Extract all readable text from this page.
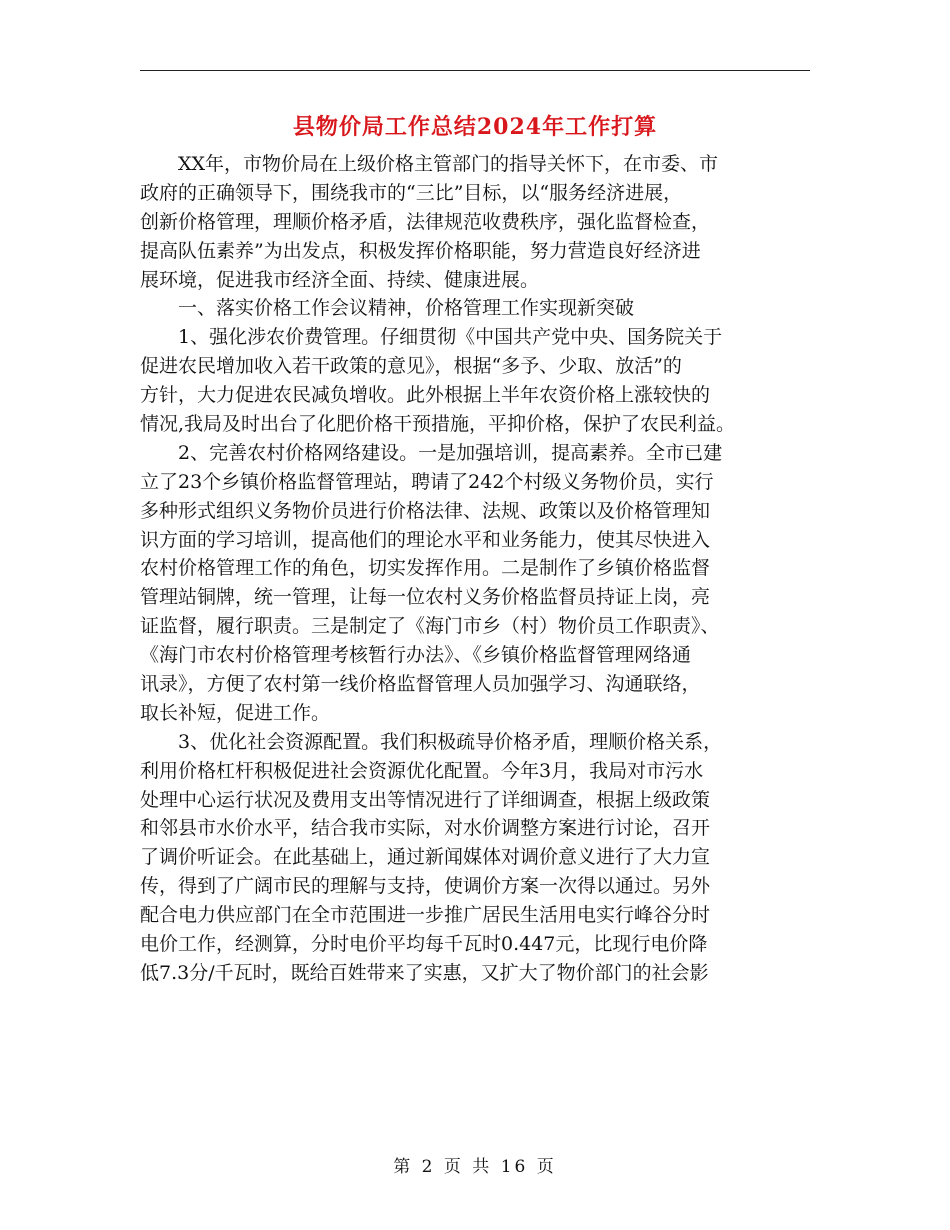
县物价局工作总结2024年工作打算
　　XX年，市物价局在上级价格主管部门的指导关怀下，在市委、市
政府的正确领导下，围绕我市的“三比”目标，以“服务经济进展，
创新价格管理，理顺价格矛盾，法律规范收费秩序，强化监督检查，
提高队伍素养”为出发点，积极发挥价格职能，努力营造良好经济进
展环境，促进我市经济全面、持续、健康进展。
　　一、落实价格工作会议精神，价格管理工作实现新突破
　　1、强化涉农价费管理。仔细贯彻《中国共产党中央、国务院关于
促进农民增加收入若干政策的意见》，根据“多予、少取、放活”的
方针，大力促进农民减负增收。此外根据上半年农资价格上涨较快的
情况,我局及时出台了化肥价格干预措施，平抑价格，保护了农民利益。
　　2、完善农村价格网络建设。一是加强培训，提高素养。全市已建
立了23个乡镇价格监督管理站，聘请了242个村级义务物价员，实行
多种形式组织义务物价员进行价格法律、法规、政策以及价格管理知
识方面的学习培训，提高他们的理论水平和业务能力，使其尽快进入
农村价格管理工作的角色，切实发挥作用。二是制作了乡镇价格监督
管理站铜牌，统一管理，让每一位农村义务价格监督员持证上岗，亮
证监督，履行职责。三是制定了《海门市乡（村）物价员工作职责》、
《海门市农村价格管理考核暂行办法》、《乡镇价格监督管理网络通
讯录》，方便了农村第一线价格监督管理人员加强学习、沟通联络，
取长补短，促进工作。
　　3、优化社会资源配置。我们积极疏导价格矛盾，理顺价格关系，
利用价格杠杆积极促进社会资源优化配置。今年3月，我局对市污水
处理中心运行状况及费用支出等情况进行了详细调查，根据上级政策
和邻县市水价水平，结合我市实际，对水价调整方案进行讨论，召开
了调价听证会。在此基础上，通过新闻媒体对调价意义进行了大力宣
传，得到了广阔市民的理解与支持，使调价方案一次得以通过。另外
配合电力供应部门在全市范围进一步推广居民生活用电实行峰谷分时
电价工作，经测算，分时电价平均每千瓦时0.447元，比现行电价降
低7.3分/千瓦时，既给百姓带来了实惠，又扩大了物价部门的社会影
第 2 页 共 16 页
